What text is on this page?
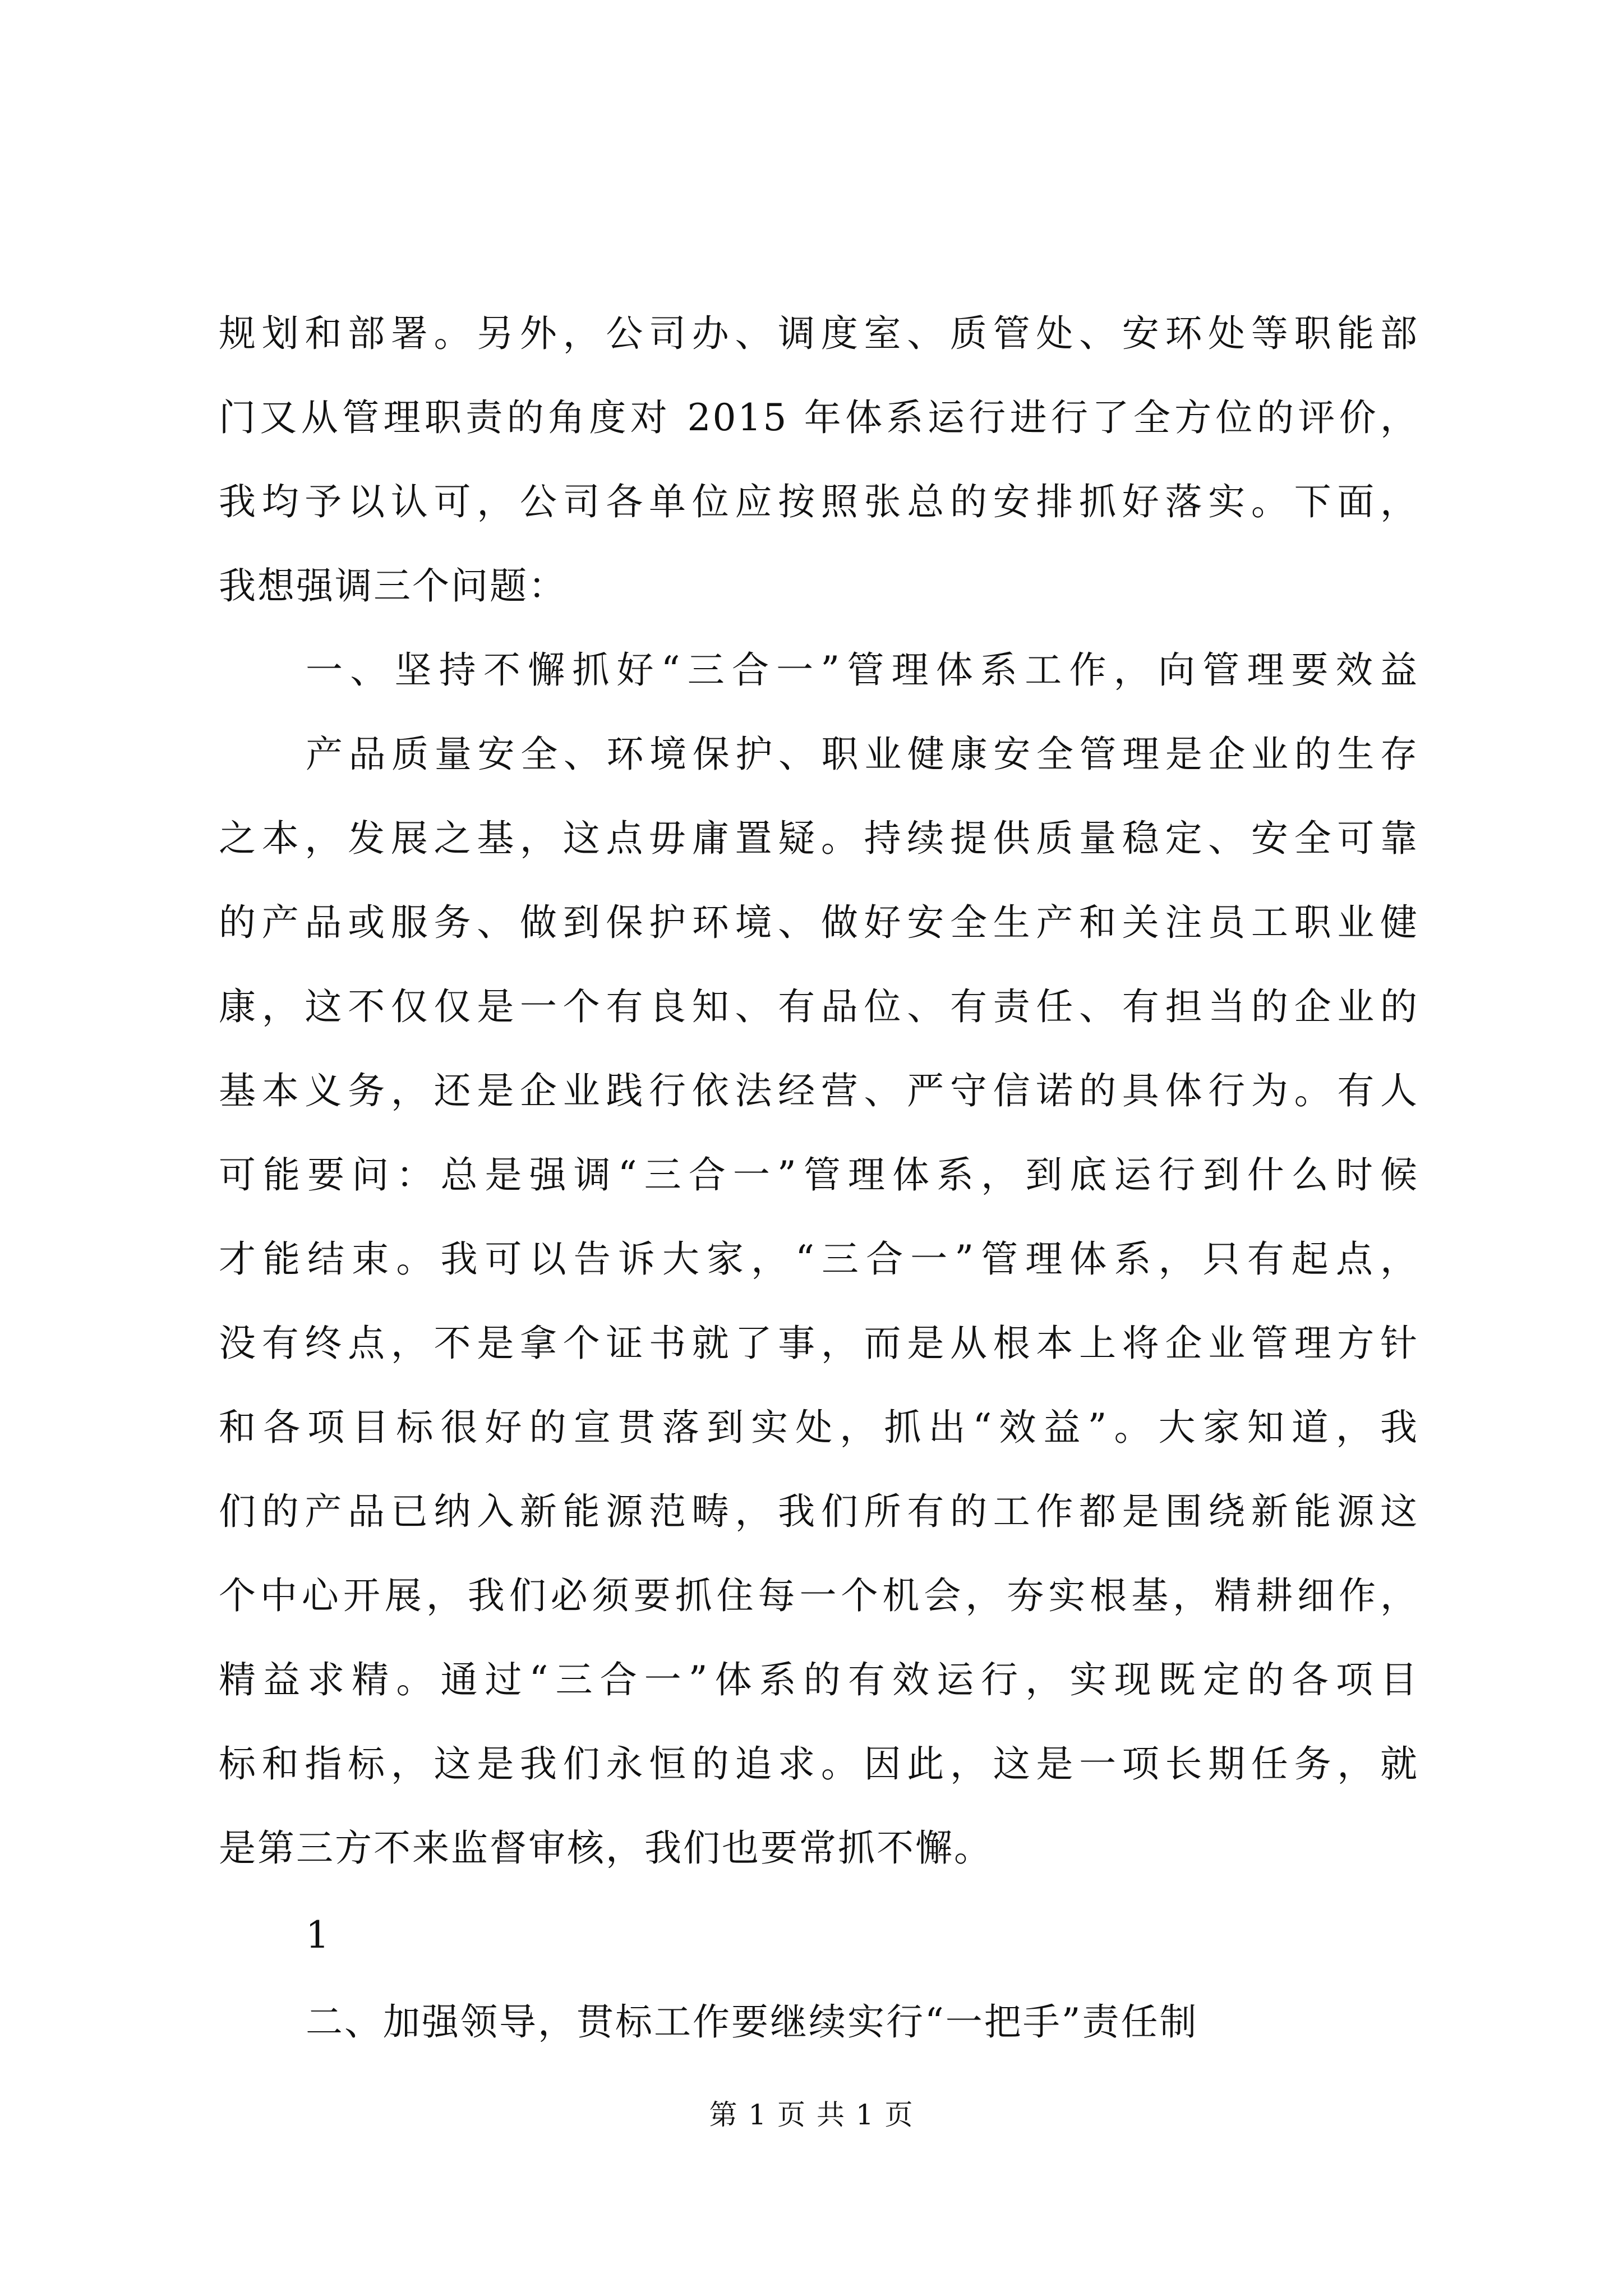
规划和部署。另外，公司办、调度室、质管处、安环处等职能部
门又从管理职责的角度对 2015 年体系运行进行了全方位的评价，
我均予以认可，公司各单位应按照张总的安排抓好落实。下面，
我想强调三个问题：
一、坚持不懈抓好“三合一”管理体系工作，向管理要效益
产品质量安全、环境保护、职业健康安全管理是企业的生存
之本，发展之基，这点毋庸置疑。持续提供质量稳定、安全可靠
的产品或服务、做到保护环境、做好安全生产和关注员工职业健
康，这不仅仅是一个有良知、有品位、有责任、有担当的企业的
基本义务，还是企业践行依法经营、严守信诺的具体行为。有人
可能要问：总是强调“三合一”管理体系，到底运行到什么时候
才能结束。我可以告诉大家，“三合一”管理体系，只有起点，
没有终点，不是拿个证书就了事，而是从根本上将企业管理方针
和各项目标很好的宣贯落到实处，抓出“效益”。大家知道，我
们的产品已纳入新能源范畴，我们所有的工作都是围绕新能源这
个中心开展，我们必须要抓住每一个机会，夯实根基，精耕细作，
精益求精。通过“三合一”体系的有效运行，实现既定的各项目
标和指标，这是我们永恒的追求。因此，这是一项长期任务，就
是第三方不来监督审核，我们也要常抓不懈。
1
二、加强领导，贯标工作要继续实行“一把手”责任制
第 1 页 共 1 页
